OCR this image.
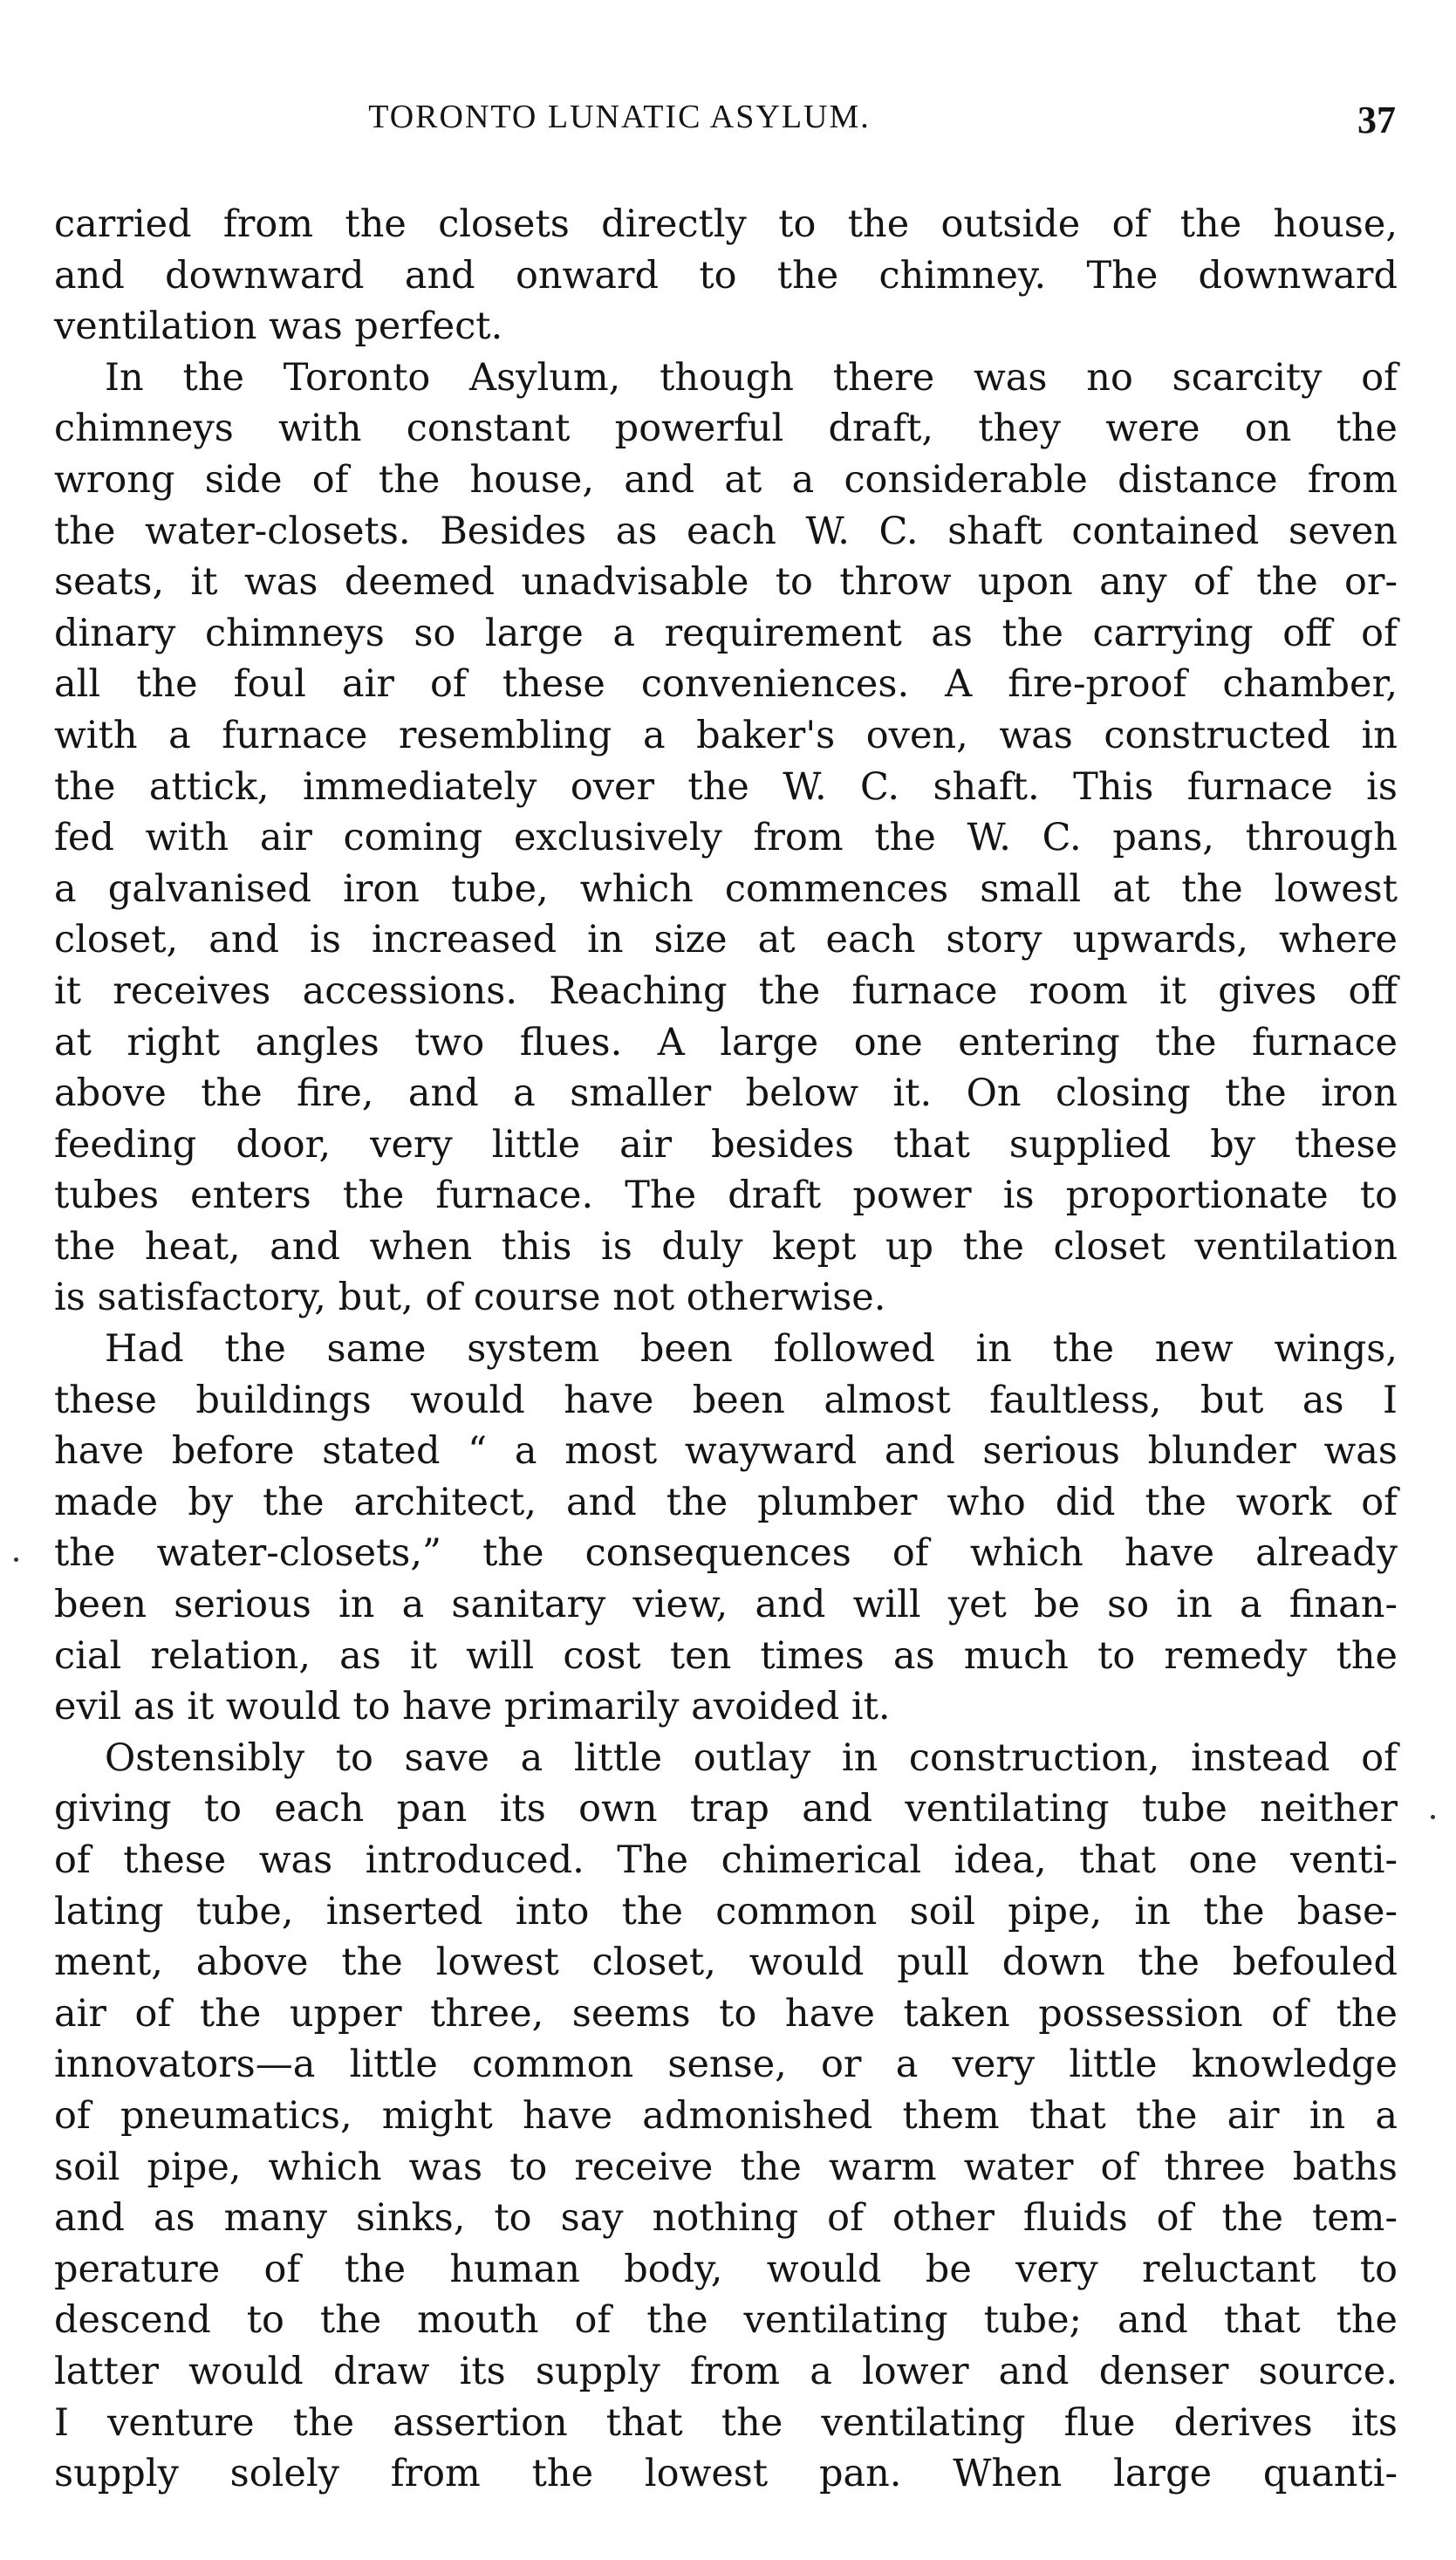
TORONTO LUNATIC ASYLUM.	37
carried from the closets directly to the outside of the house,
and downward and onward to the chimney. The downward
ventilation was perfect.
In the Toronto Asylum, though there was no scarcity of
chimneys with constant powerful draft, they were on the
wrong side of the house, and at a considerable distance from
the water-closets. Besides as each W. C. shaft contained seven
seats, it was deemed unadvisable to throw upon any of the or-
dinary chimneys so large a requirement as the carrying off of
all the foul air of these conveniences. A fire-proof chamber,
with a furnace resembling a baker's oven, was constructed in
the attick, immediately over the W. C. shaft. This furnace is
fed with air coming exclusively from the W. C. pans, through
a galvanised iron tube, which commences small at the lowest
closet, and is increased in size at each story upwards, where
it receives accessions. Reaching the furnace room it gives off
at right angles two flues. A large one entering the furnace
above the fire, and a smaller below it. On closing the iron
feeding door, very little air besides that supplied by these
tubes enters the furnace. The draft power is proportionate to
the heat, and when this is duly kept up the closet ventilation
is satisfactory, but, of course not otherwise.
Had the same system been followed in the new wings,
these buildings would have been almost faultless, but as I
have before stated “ a most wayward and serious blunder was
made by the architect, and the plumber who did the work of
the water-closets,” the consequences of which have already
been serious in a sanitary view, and will yet be so in a finan-
cial relation, as it will cost ten times as much to remedy the
evil as it would to have primarily avoided it.
Ostensibly to save a little outlay in construction, instead of
giving to each pan its own trap and ventilating tube neither
of these was introduced. The chimerical idea, that one venti-
lating tube, inserted into the common soil pipe, in the base-
ment, above the lowest closet, would pull down the befouled
air of the upper three, seems to have taken possession of the
innovators—a little common sense, or a very little knowledge
of pneumatics, might have admonished them that the air in a
soil pipe, which was to receive the warm water of three baths
and as many sinks, to say nothing of other fluids of the tem-
perature of the human body, would be very reluctant to
descend to the mouth of the ventilating tube; and that the
latter would draw its supply from a lower and denser source.
I venture the assertion that the ventilating flue derives its
supply solely from the lowest pan. When large quanti-
